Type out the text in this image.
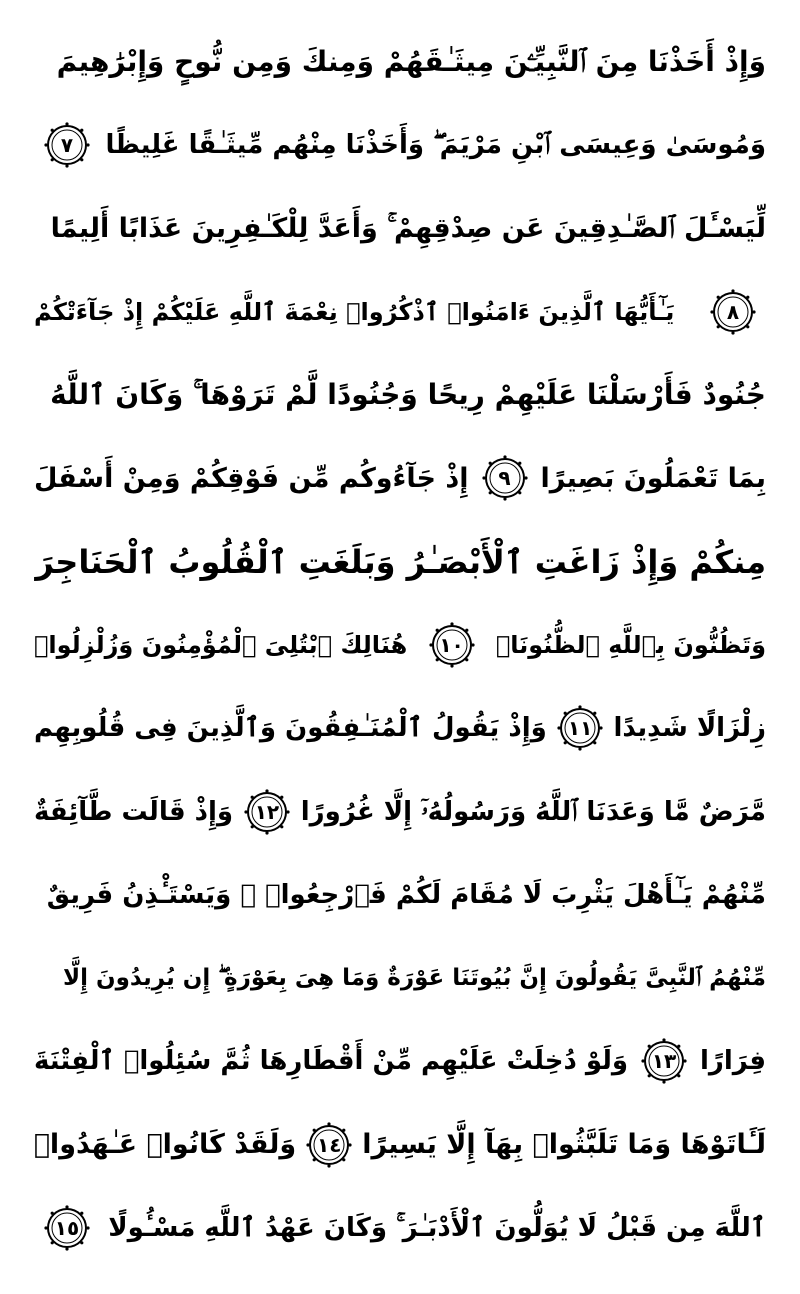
وَإِذْ أَخَذْنَا مِنَ ٱلنَّبِيِّـۧنَ مِيثَـٰقَهُمْ وَمِنكَ وَمِن نُّوحٍ وَإِبْرَٰهِيمَ
وَمُوسَىٰ وَعِيسَى ٱبْنِ مَرْيَمَ ۖ وَأَخَذْنَا مِنْهُم مِّيثَـٰقًا غَلِيظًا
٧
لِّيَسْـَٔلَ ٱلصَّـٰدِقِينَ عَن صِدْقِهِمْ ۚ وَأَعَدَّ لِلْكَـٰفِرِينَ عَذَابًا أَلِيمًا
٨
يَـٰٓأَيُّهَا ٱلَّذِينَ ءَامَنُوا۟ ٱذْكُرُوا۟ نِعْمَةَ ٱللَّهِ عَلَيْكُمْ إِذْ جَآءَتْكُمْ
جُنُودٌ فَأَرْسَلْنَا عَلَيْهِمْ رِيحًا وَجُنُودًا لَّمْ تَرَوْهَا ۚ وَكَانَ ٱللَّهُ
بِمَا تَعْمَلُونَ بَصِيرًا
٩
إِذْ جَآءُوكُم مِّن فَوْقِكُمْ وَمِنْ أَسْفَلَ
مِنكُمْ وَإِذْ زَاغَتِ ٱلْأَبْصَـٰرُ وَبَلَغَتِ ٱلْقُلُوبُ ٱلْحَنَاجِرَ
وَتَظُنُّونَ بِٱللَّهِ ٱلظُّنُونَا۠
١٠
هُنَالِكَ ٱبْتُلِىَ ٱلْمُؤْمِنُونَ وَزُلْزِلُوا۟
زِلْزَالًا شَدِيدًا
١١
وَإِذْ يَقُولُ ٱلْمُنَـٰفِقُونَ وَٱلَّذِينَ فِى قُلُوبِهِم
مَّرَضٌ مَّا وَعَدَنَا ٱللَّهُ وَرَسُولُهُۥٓ إِلَّا غُرُورًا
١٢
وَإِذْ قَالَت طَّآئِفَةٌ
مِّنْهُمْ يَـٰٓأَهْلَ يَثْرِبَ لَا مُقَامَ لَكُمْ فَٱرْجِعُوا۟ ۚ وَيَسْتَـْٔذِنُ فَرِيقٌ
مِّنْهُمُ ٱلنَّبِىَّ يَقُولُونَ إِنَّ بُيُوتَنَا عَوْرَةٌ وَمَا هِىَ بِعَوْرَةٍ ۖ إِن يُرِيدُونَ إِلَّا
فِرَارًا
١٣
وَلَوْ دُخِلَتْ عَلَيْهِم مِّنْ أَقْطَارِهَا ثُمَّ سُئِلُوا۟ ٱلْفِتْنَةَ
لَـَٔاتَوْهَا وَمَا تَلَبَّثُوا۟ بِهَآ إِلَّا يَسِيرًا
١٤
وَلَقَدْ كَانُوا۟ عَـٰهَدُوا۟
ٱللَّهَ مِن قَبْلُ لَا يُوَلُّونَ ٱلْأَدْبَـٰرَ ۚ وَكَانَ عَهْدُ ٱللَّهِ مَسْـُٔولًا
١٥
